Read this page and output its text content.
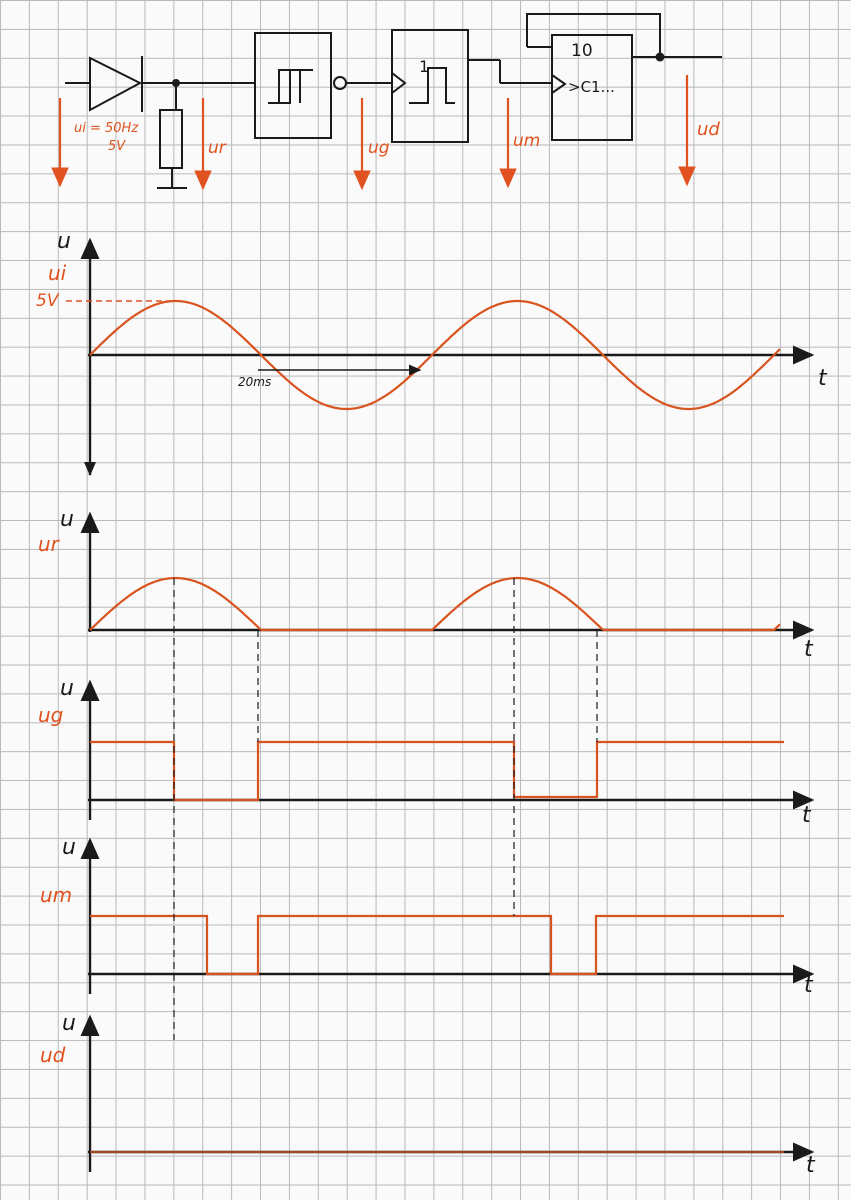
10
>C1...
1
ui = 50Hz
5V	ur	ug	um
ud
u
ui
5V
20ms	t
u
ur
t
u
ug
t
u
um
t
u
ud
t
